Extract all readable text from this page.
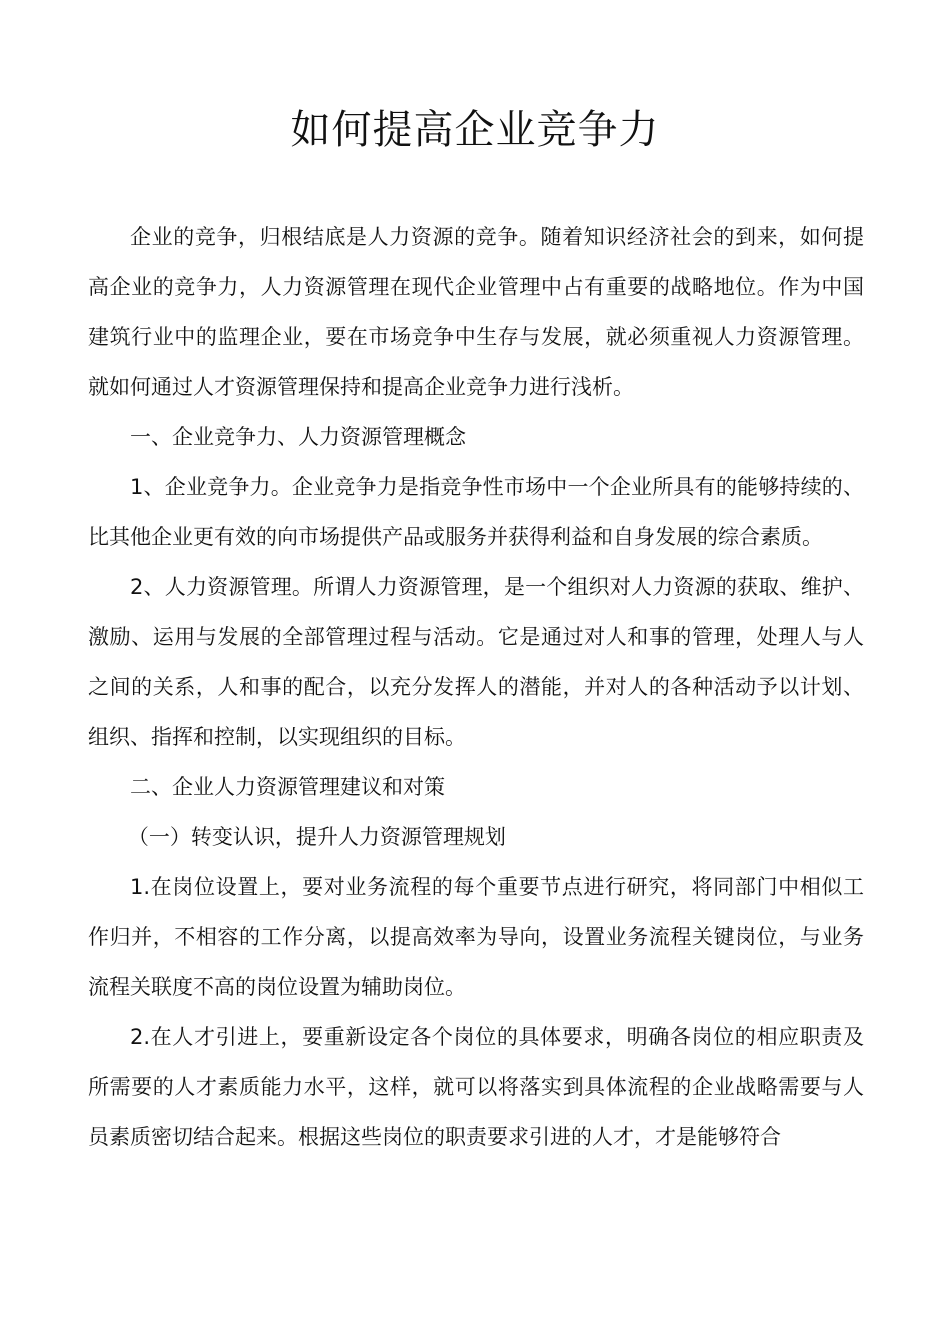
如何提高企业竞争力

企业的竞争，归根结底是人力资源的竞争。随着知识经济社会的到来，如何提高企业的竞争力，人力资源管理在现代企业管理中占有重要的战略地位。作为中国建筑行业中的监理企业，要在市场竞争中生存与发展，就必须重视人力资源管理。就如何通过人才资源管理保持和提高企业竞争力进行浅析。

一、企业竞争力、人力资源管理概念

1、企业竞争力。企业竞争力是指竞争性市场中一个企业所具有的能够持续的、比其他企业更有效的向市场提供产品或服务并获得利益和自身发展的综合素质。

2、人力资源管理。所谓人力资源管理，是一个组织对人力资源的获取、维护、激励、运用与发展的全部管理过程与活动。它是通过对人和事的管理，处理人与人之间的关系，人和事的配合，以充分发挥人的潜能，并对人的各种活动予以计划、组织、指挥和控制，以实现组织的目标。

二、企业人力资源管理建议和对策

（一）转变认识，提升人力资源管理规划

1.在岗位设置上，要对业务流程的每个重要节点进行研究，将同部门中相似工作归并，不相容的工作分离，以提高效率为导向，设置业务流程关键岗位，与业务流程关联度不高的岗位设置为辅助岗位。

2.在人才引进上，要重新设定各个岗位的具体要求，明确各岗位的相应职责及所需要的人才素质能力水平，这样，就可以将落实到具体流程的企业战略需要与人员素质密切结合起来。根据这些岗位的职责要求引进的人才，才是能够符合
